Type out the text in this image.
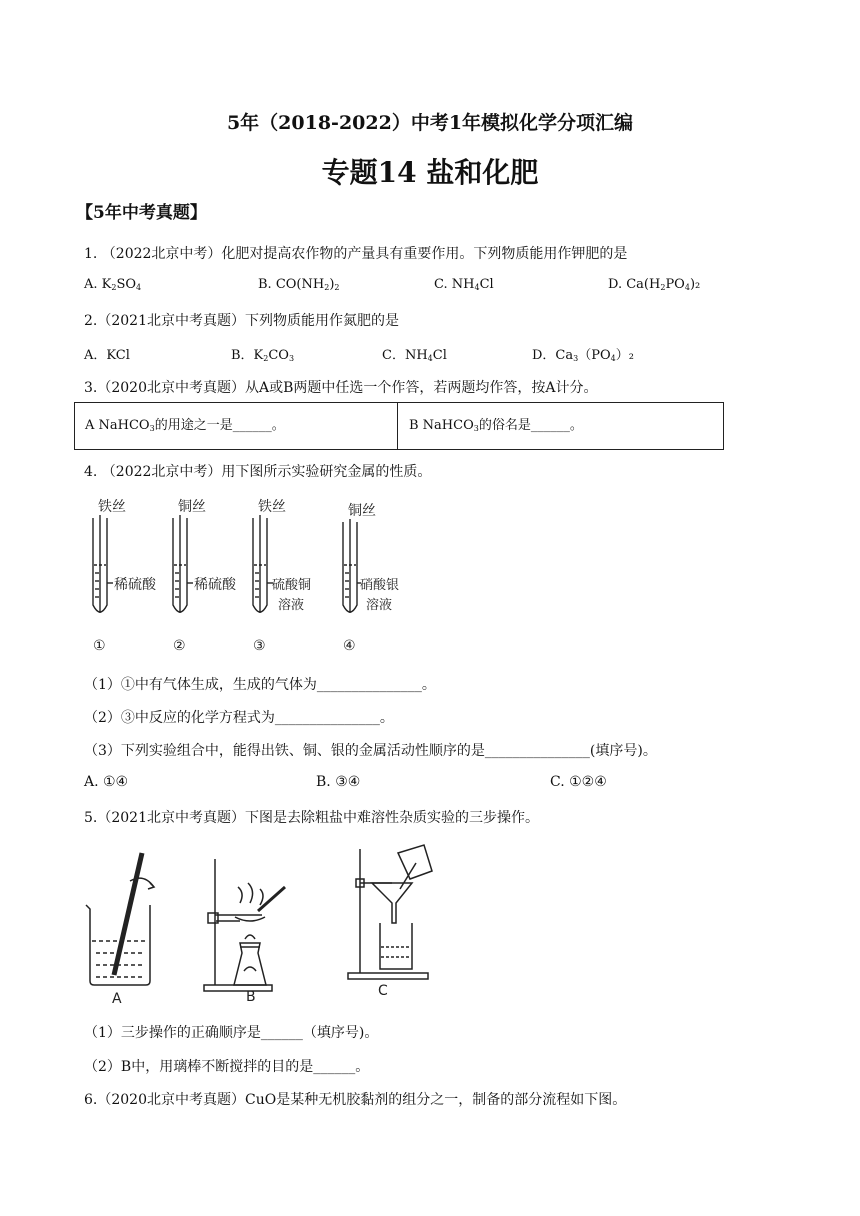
5年（2018-2022）中考1年模拟化学分项汇编
专题14 盐和化肥
【5年中考真题】
1. （2022北京中考）化肥对提高农作物的产量具有重要作用。下列物质能用作钾肥的是
A. $K_2SO_4$	B. $CO(NH_2)_2$	C. $NH_4Cl$	D. $Ca(H_2PO_4)_2$
2.（2021北京中考真题）下列物质能用作氮肥的是
A．KCl	B．$K_2CO_3$	C．$NH_4Cl$	D．$Ca_3(PO_4)_2$
3.（2020北京中考真题）从A或B两题中任选一个作答，若两题均作答，按A计分。
A NaHCO$_3$的用途之一是______。	B NaHCO$_3$的俗名是______。
4. （2022北京中考）用下图所示实验研究金属的性质。
铁丝
稀硫酸
①
铜丝
稀硫酸
②
铁丝
硫酸铜
溶液
③
铜丝
硝酸银
溶液
④
（1）①中有气体生成，生成的气体为_______________。
（2）③中反应的化学方程式为_______________。
（3）下列实验组合中，能得出铁、铜、银的金属活动性顺序的是_______________(填序号)。
A. ①④	B. ③④	C. ①②④
5.（2021北京中考真题）下图是去除粗盐中难溶性杂质实验的三步操作。
A	B	C
（1）三步操作的正确顺序是______（填序号)。
（2）B中，用璃棒不断搅拌的目的是______。
6.（2020北京中考真题）CuO是某种无机胶黏剂的组分之一，制备的部分流程如下图。
